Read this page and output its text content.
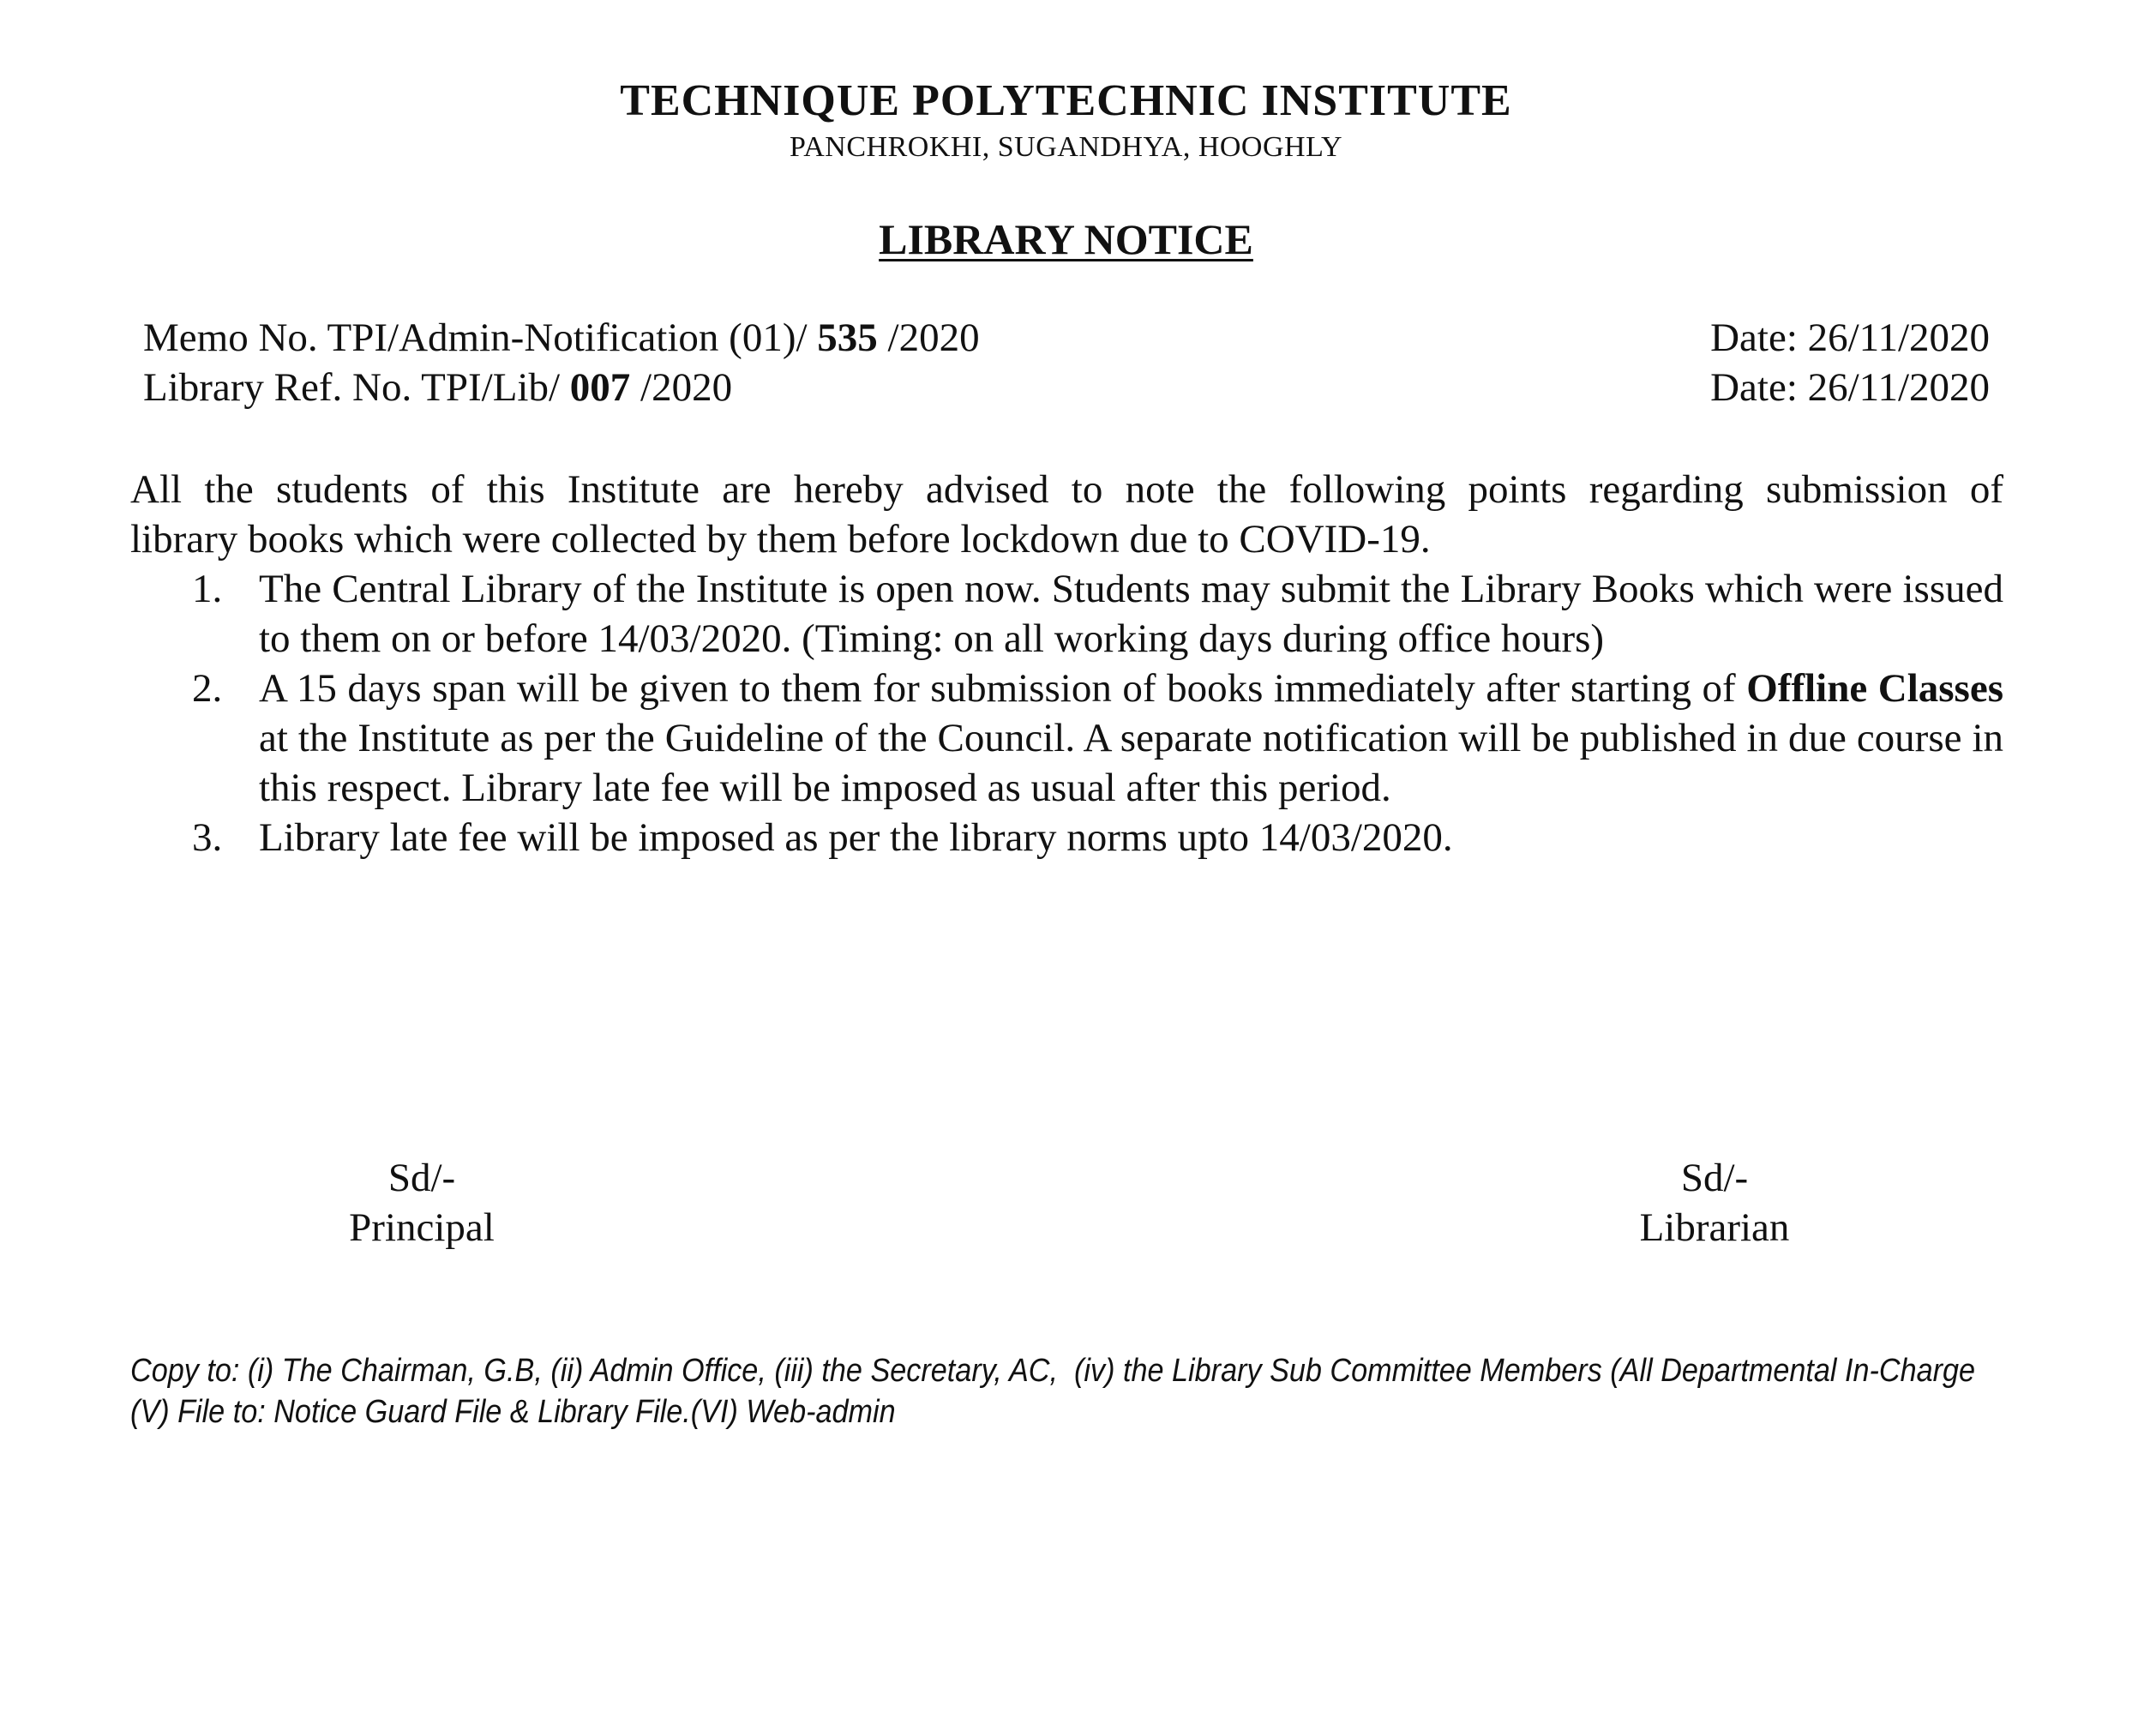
TECHNIQUE POLYTECHNIC INSTITUTE
PANCHROKHI, SUGANDHYA, HOOGHLY
LIBRARY NOTICE
Memo No. TPI/Admin-Notification (01)/ 535 /2020	Date: 26/11/2020
Library Ref. No. TPI/Lib/ 007 /2020	Date: 26/11/2020
All the students of this Institute are hereby advised to note the following points regarding submission of
library books which were collected by them before lockdown due to COVID-19.
1. The Central Library of the Institute is open now. Students may submit the Library Books which were issued to them on or before 14/03/2020. (Timing: on all working days during office hours)
2. A 15 days span will be given to them for submission of books immediately after starting of Offline Classes at the Institute as per the Guideline of the Council. A separate notification will be published in due course in this respect. Library late fee will be imposed as usual after this period.
3. Library late fee will be imposed as per the library norms upto 14/03/2020.
Sd/-
Principal
Sd/-
Librarian
Copy to: (i) The Chairman, G.B, (ii) Admin Office, (iii) the Secretary, AC,  (iv) the Library Sub Committee Members (All Departmental In-Charge
(V) File to: Notice Guard File & Library File.(VI) Web-admin
